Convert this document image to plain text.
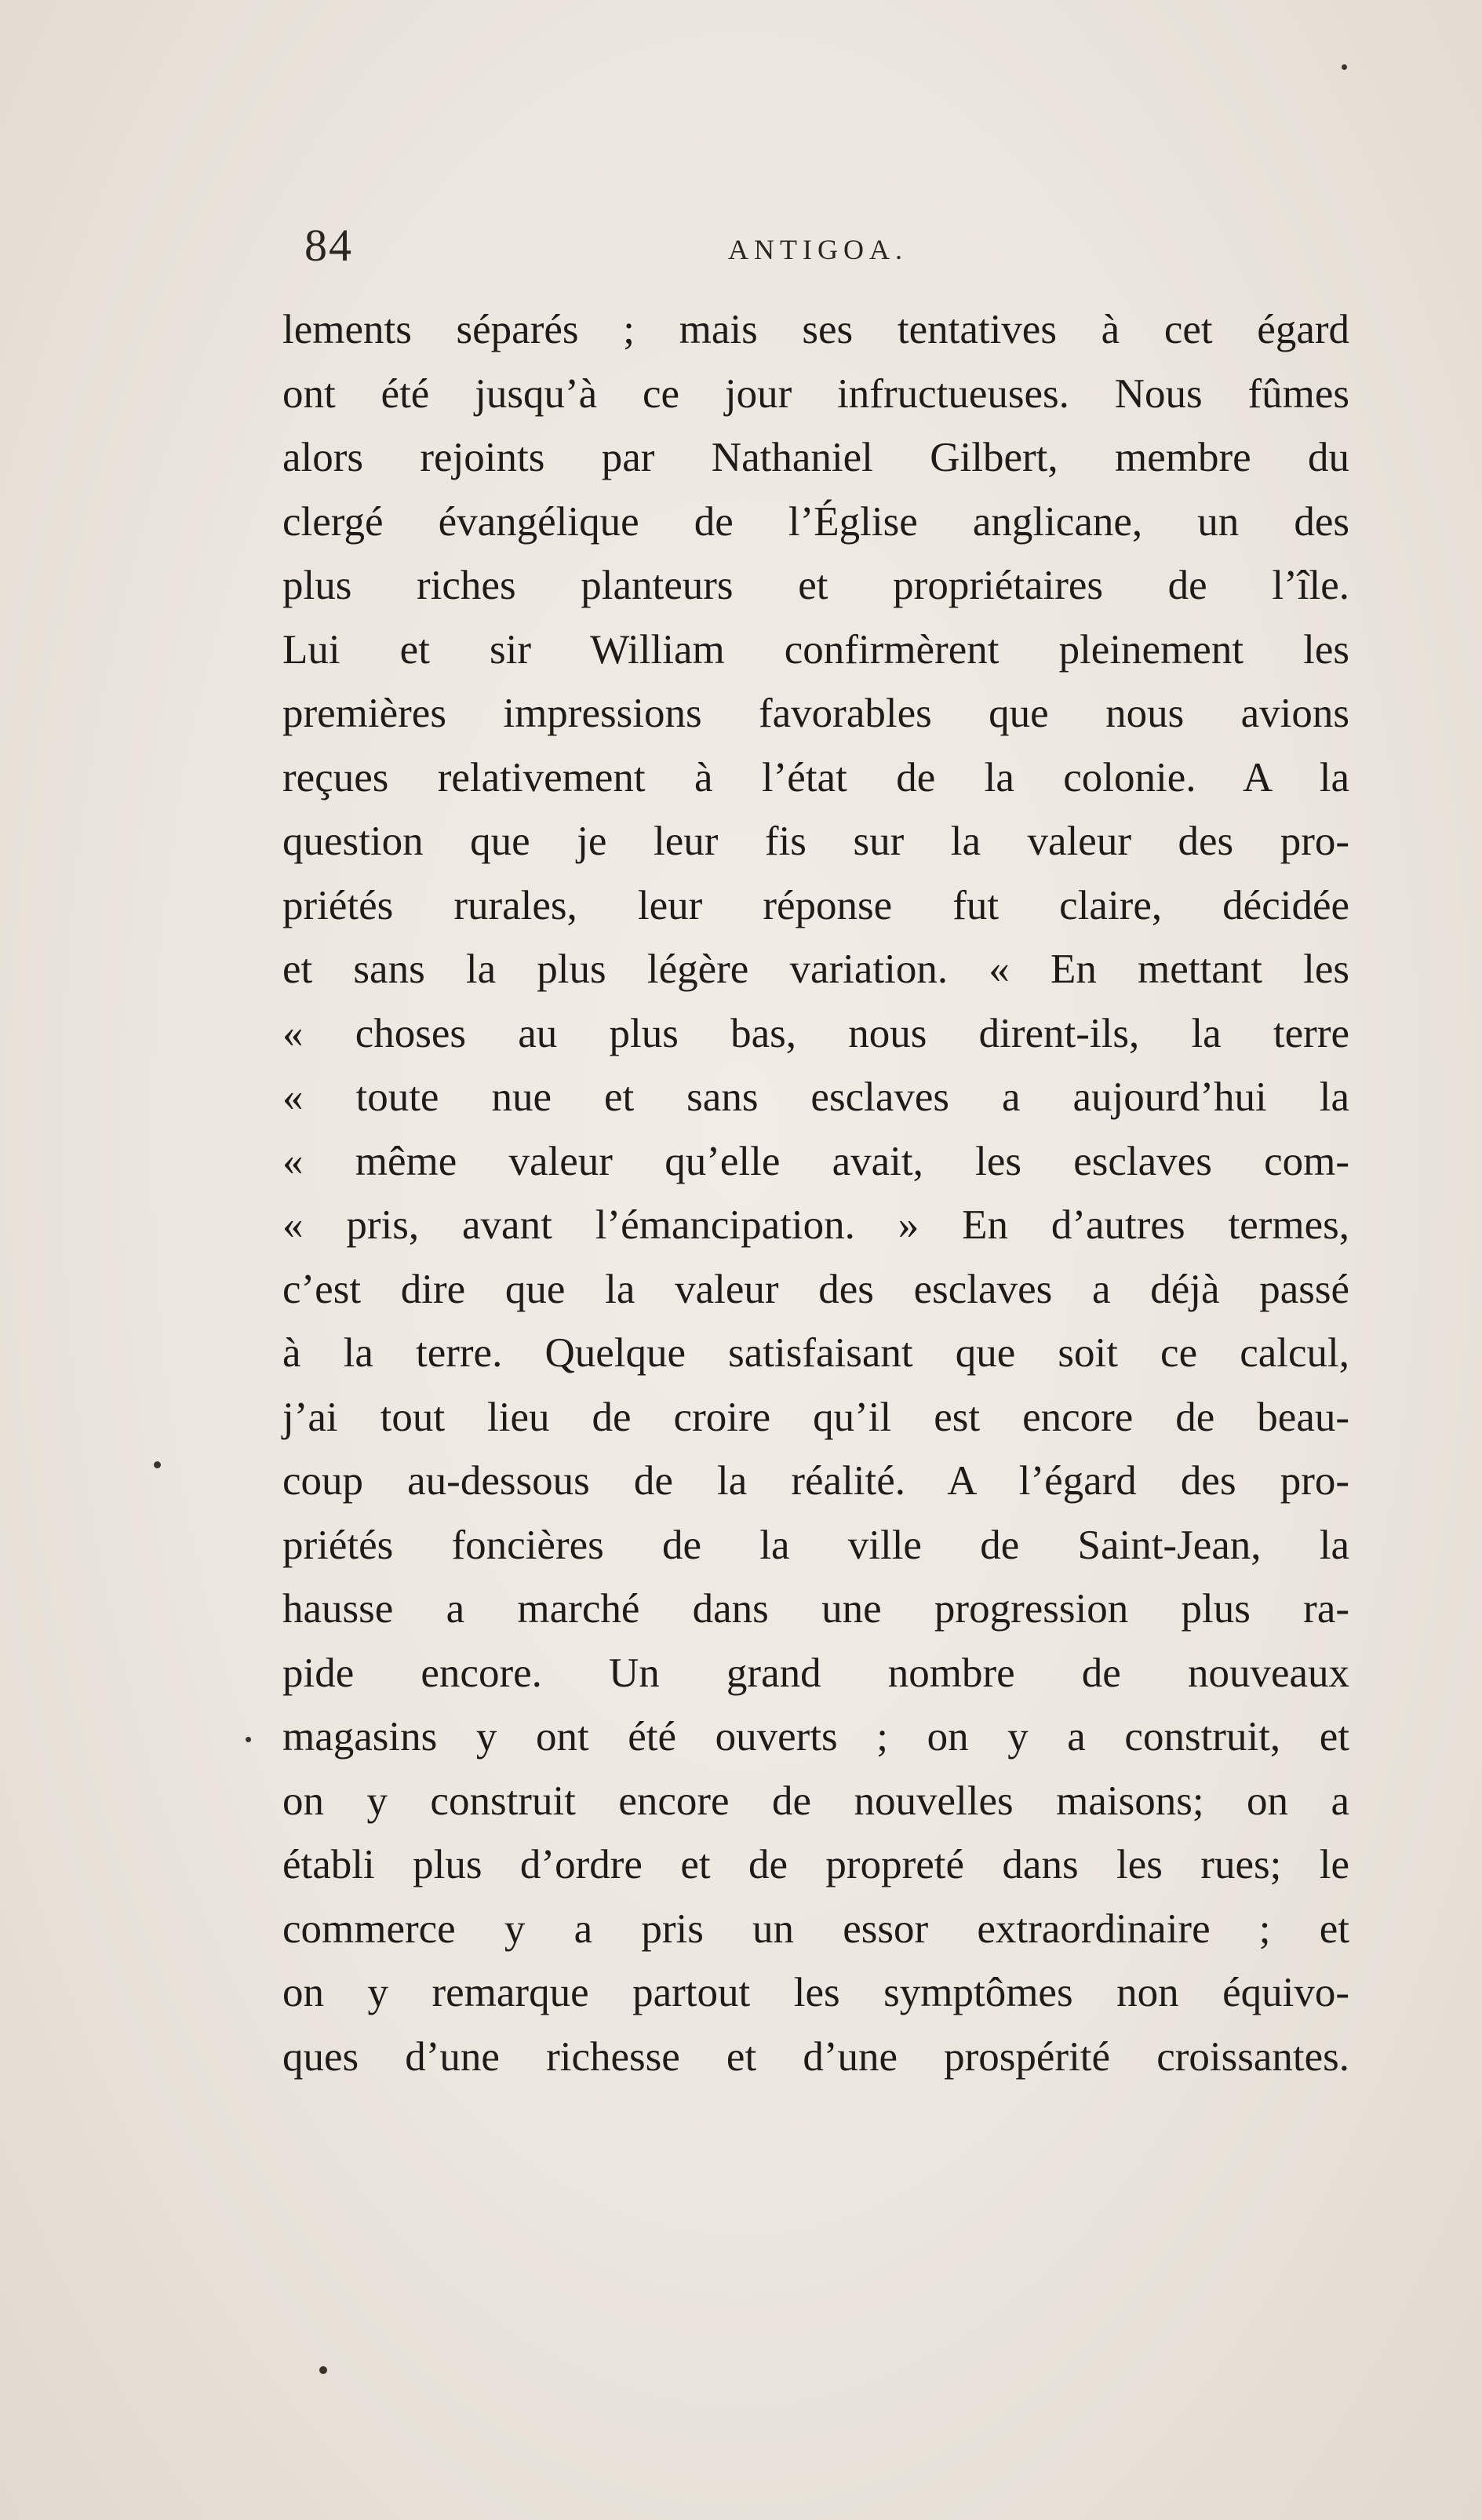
84	ANTIGOA.
lements séparés ; mais ses tentatives à cet égard
ont été jusqu’à ce jour infructueuses. Nous fûmes
alors rejoints par Nathaniel Gilbert, membre du
clergé évangélique de l’Église anglicane, un des
plus riches planteurs et propriétaires de l’île.
Lui et sir William confirmèrent pleinement les
premières impressions favorables que nous avions
reçues relativement à l’état de la colonie. A la
question que je leur fis sur la valeur des pro-
priétés rurales, leur réponse fut claire, décidée
et sans la plus légère variation. « En mettant les
« choses au plus bas, nous dirent-ils, la terre
« toute nue et sans esclaves a aujourd’hui la
« même valeur qu’elle avait, les esclaves com-
« pris, avant l’émancipation. » En d’autres termes,
c’est dire que la valeur des esclaves a déjà passé
à la terre. Quelque satisfaisant que soit ce calcul,
j’ai tout lieu de croire qu’il est encore de beau-
coup au-dessous de la réalité. A l’égard des pro-
priétés foncières de la ville de Saint-Jean, la
hausse a marché dans une progression plus ra-
pide encore. Un grand nombre de nouveaux
magasins y ont été ouverts ; on y a construit, et
on y construit encore de nouvelles maisons; on a
établi plus d’ordre et de propreté dans les rues; le
commerce y a pris un essor extraordinaire ; et
on y remarque partout les symptômes non équivo-
ques d’une richesse et d’une prospérité croissantes.
